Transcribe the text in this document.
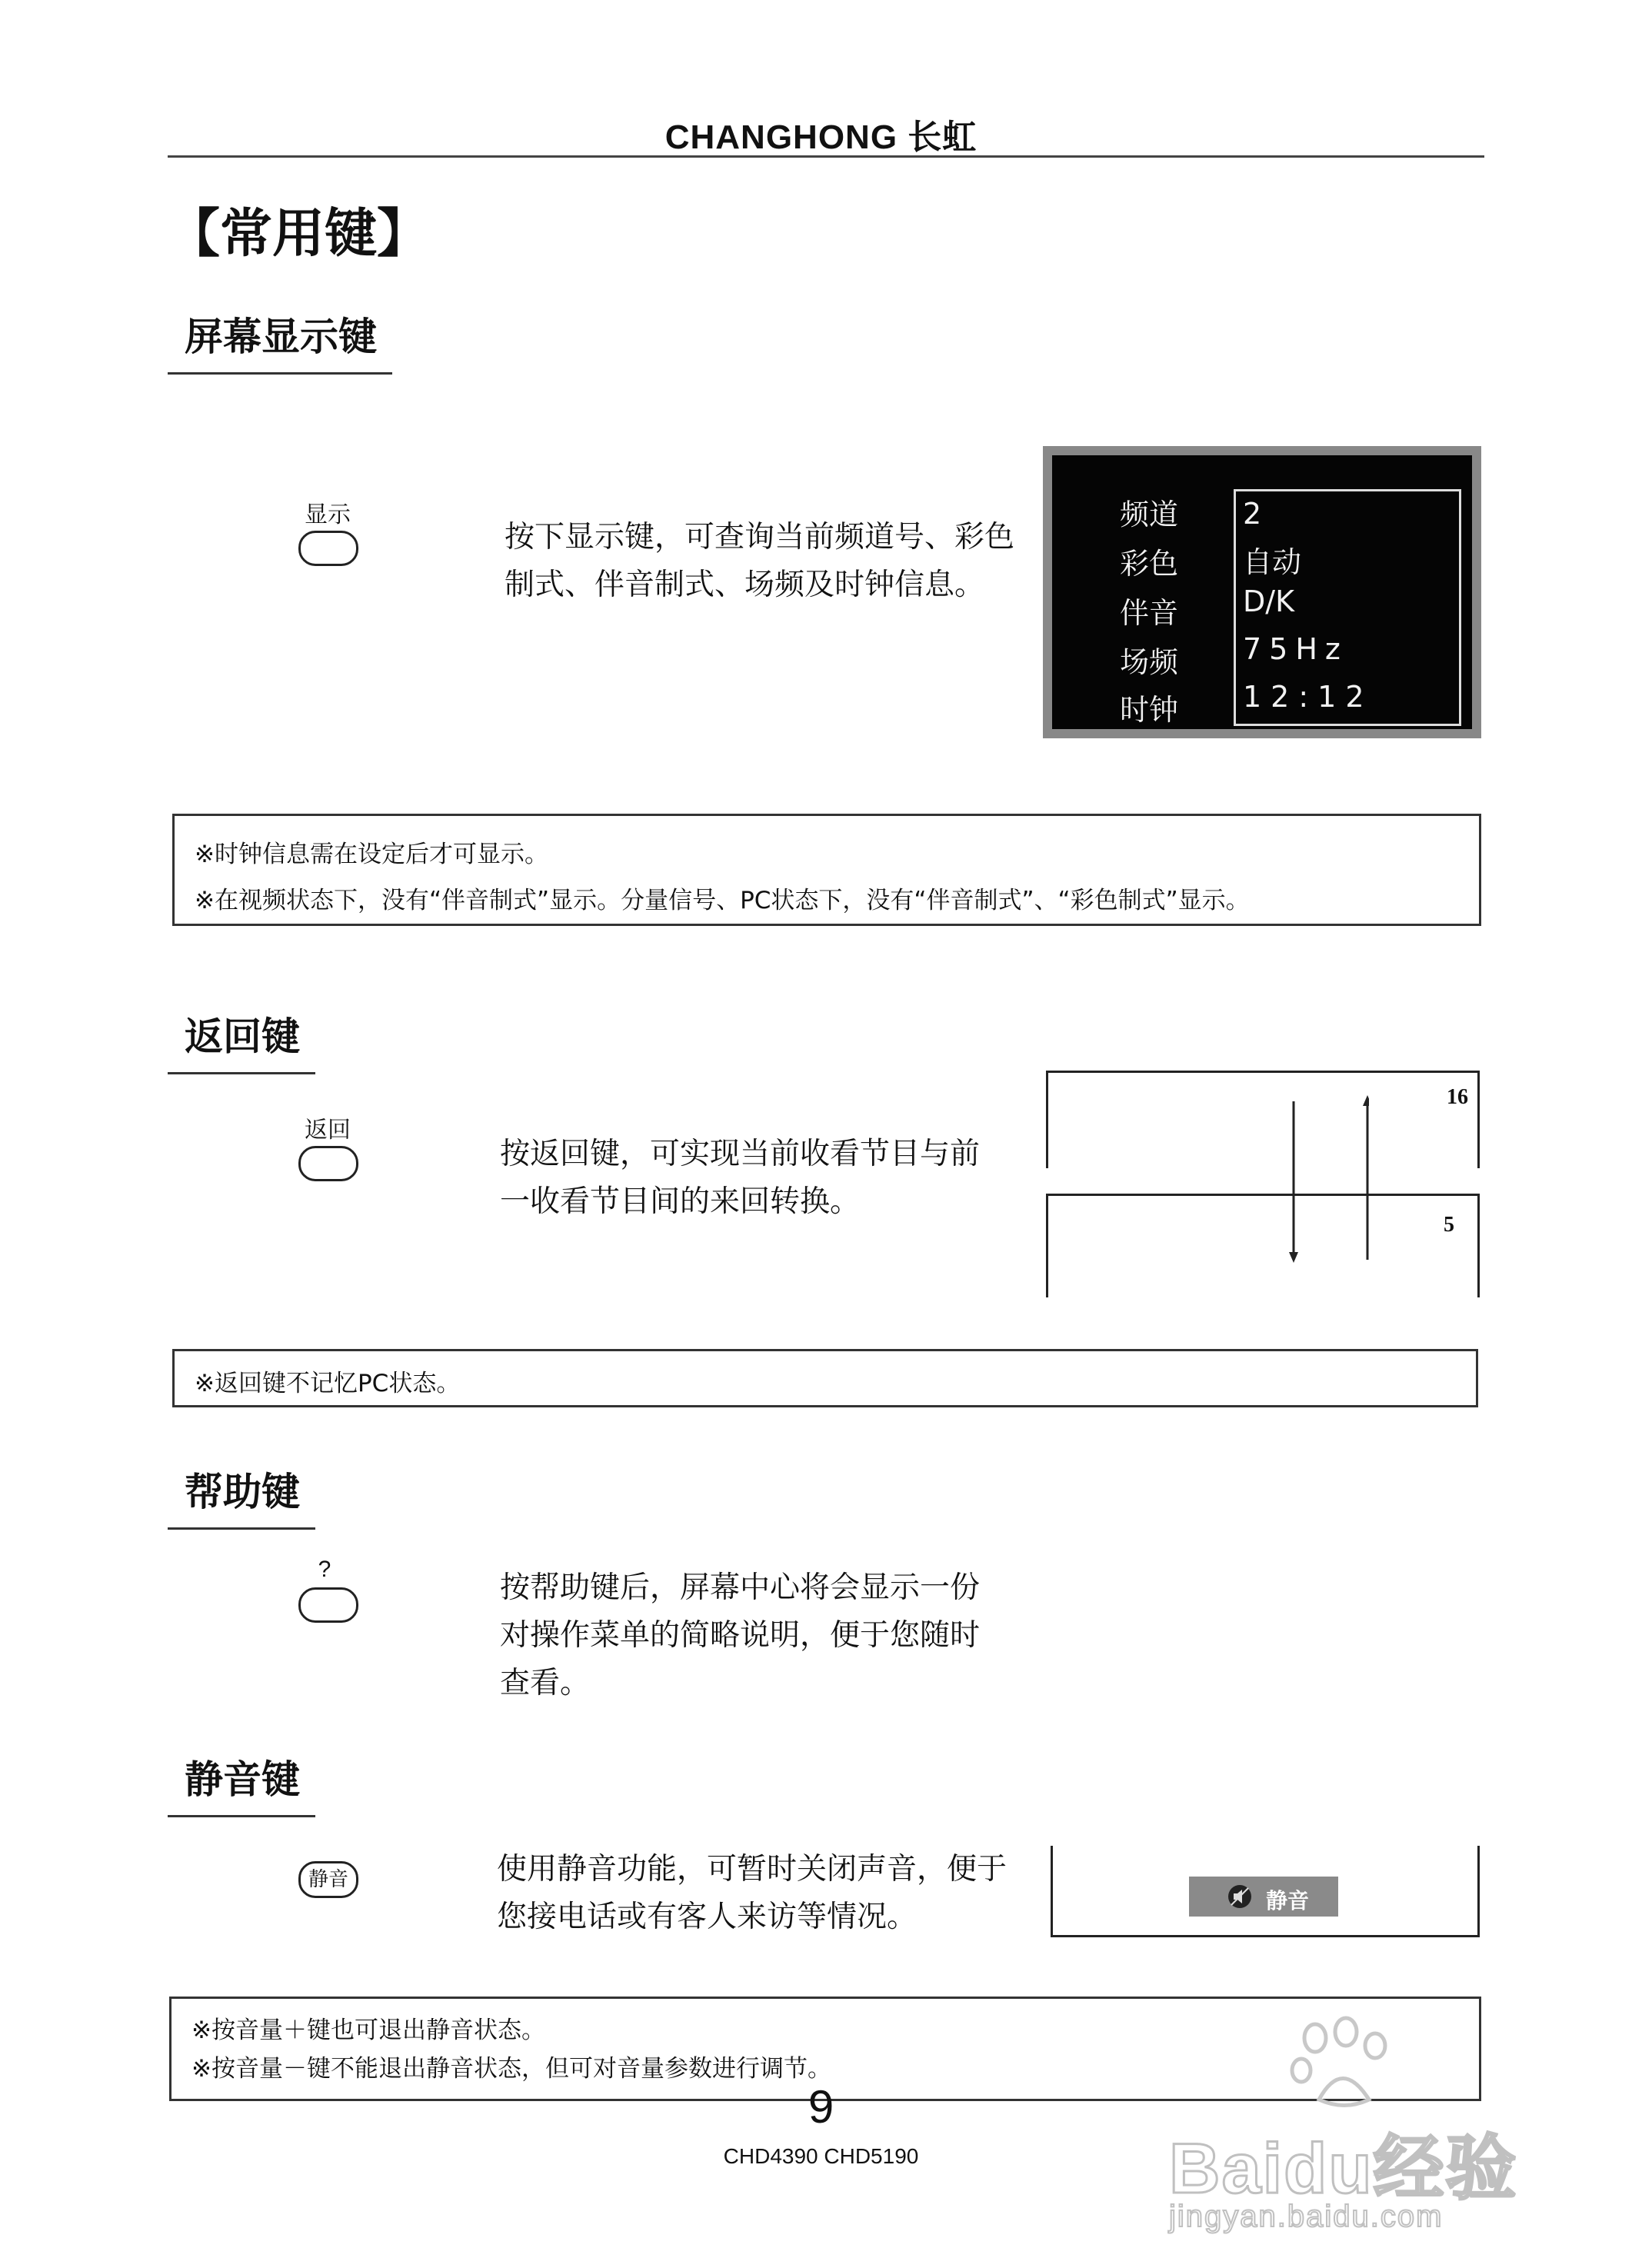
CHANGHONG 长虹
【常用键】
屏幕显示键
显示
按下显示键，可查询当前频道号、彩色
制式、伴音制式、场频及时钟信息。
频道 2
彩色 自动
伴音 D/K
场频 75Hz
时钟 12:12

※时钟信息需在设定后才可显示。

※在视频状态下，没有“伴音制式”显示。分量信号、PC状态下，没有“伴音制式”、“彩色制式”显示。

返回键
返回
按返回键，可实现当前收看节目与前
一收看节目间的来回转换。
16
5

※返回键不记忆PC状态。

帮助键
?
按帮助键后，屏幕中心将会显示一份
对操作菜单的简略说明，便于您随时
查看。
静音键
静音	使用静音功能，可暂时关闭声音，便于
您接电话或有客人来访等情况。	静音

※按音量＋键也可退出静音状态。

※按音量－键不能退出静音状态，但可对音量参数进行调节。

9
CHD4390 CHD5190	Baidu经验
jingyan.baidu.com
